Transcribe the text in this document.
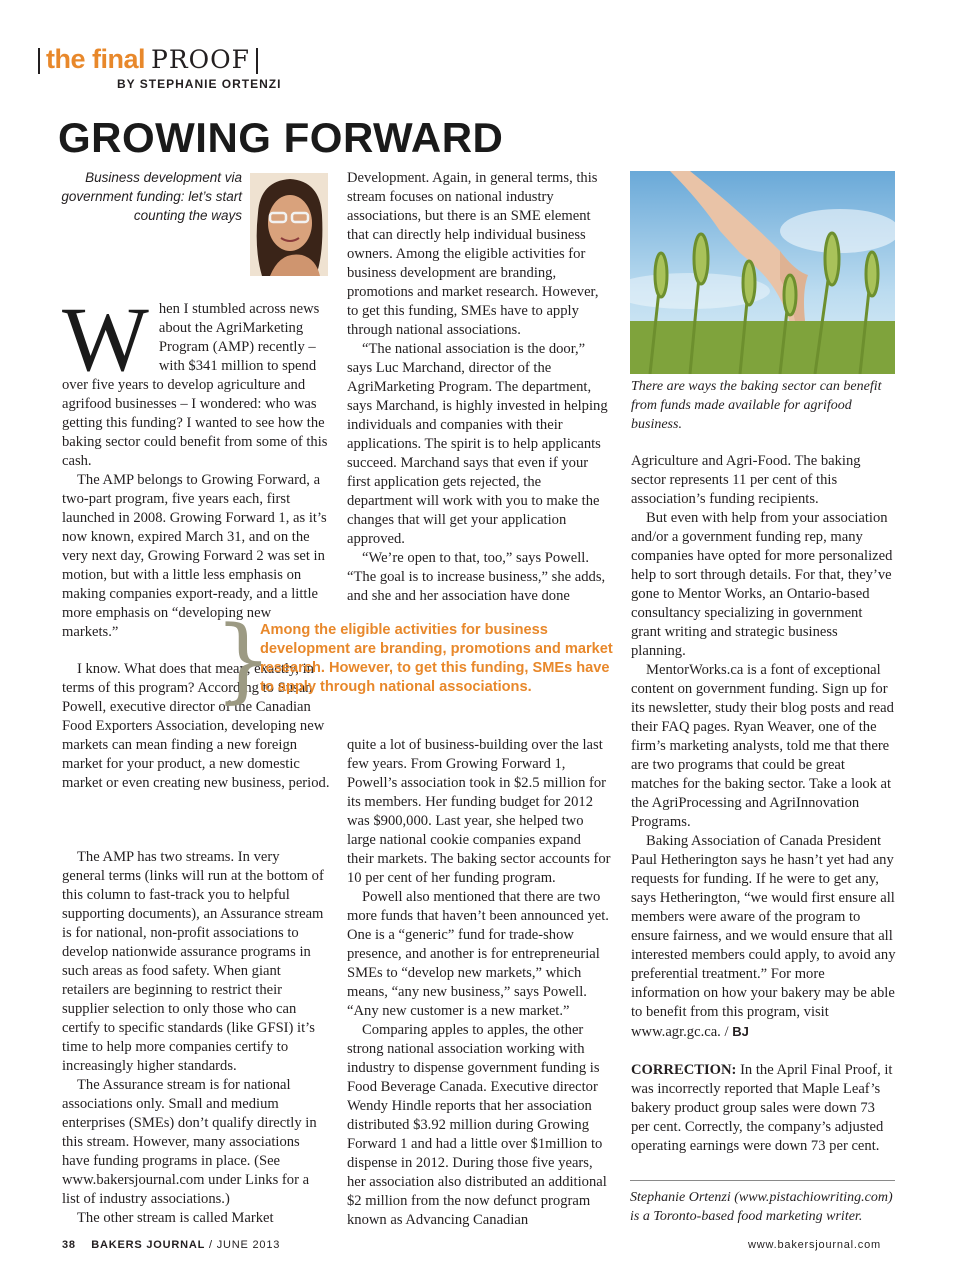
the final PROOF
BY STEPHANIE ORTENZI
GROWING FORWARD
Business development via government funding: let’s start counting the ways
W hen I stumbled across news about the AgriMarketing Program (AMP) recently – with $341 million to spend over five years to develop agriculture and agrifood businesses – I wondered: who was getting this funding? I wanted to see how the baking sector could benefit from some of this cash.

The AMP belongs to Growing Forward, a two-part program, five years each, first launched in 2008. Growing Forward 1, as it’s now known, expired March 31, and on the very next day, Growing Forward 2 was set in motion, but with a little less emphasis on making companies export-ready, and a little more emphasis on “developing new markets.”

I know. What does that mean, exactly, in terms of this program? According to Susan Powell, executive director of the Canadian Food Exporters Association, developing new markets can mean finding a new foreign market for your product, a new domestic market or even creating new business, period.

The AMP has two streams. In very general terms (links will run at the bottom of this column to fast-track you to helpful supporting documents), an Assurance stream is for national, non-profit associations to develop nationwide assurance programs in such areas as food safety. When giant retailers are beginning to restrict their supplier selection to only those who can certify to specific standards (like GFSI) it’s time to help more companies certify to increasingly higher standards.

The Assurance stream is for national associations only. Small and medium enterprises (SMEs) don’t qualify directly in this stream. However, many associations have funding programs in place. (See www.bakersjournal.com under Links for a list of industry associations.)

The other stream is called Market

Development. Again, in general terms, this stream focuses on national industry associations, but there is an SME element that can directly help individual business owners. Among the eligible activities for business development are branding, promotions and market research. However, to get this funding, SMEs have to apply through national associations.

“The national association is the door,” says Luc Marchand, director of the AgriMarketing Program. The department, says Marchand, is highly invested in helping individuals and companies with their applications. The spirit is to help applicants succeed. Marchand says that even if your first application gets rejected, the department will work with you to make the changes that will get your application approved.

“We’re open to that, too,” says Powell. “The goal is to increase business,” she adds, and she and her association have done

quite a lot of business-building over the last few years. From Growing Forward 1, Powell’s association took in $2.5 million for its members. Her funding budget for 2012 was $900,000. Last year, she helped two large national cookie companies expand their markets. The baking sector accounts for 10 per cent of her funding program.

Powell also mentioned that there are two more funds that haven’t been announced yet. One is a “generic” fund for trade-show presence, and another is for entrepreneurial SMEs to “develop new markets,” which means, “any new business,” says Powell. “Any new customer is a new market.”

Comparing apples to apples, the other strong national association working with industry to dispense government funding is Food Beverage Canada. Executive director Wendy Hindle reports that her association distributed $3.92 million during Growing Forward 1 and had a little over $1million to dispense in 2012. During those five years, her association also distributed an additional $2 million from the now defunct program known as Advancing Canadian

}
Among the eligible activities for business development are branding, promotions and market research. However, to get this funding, SMEs have to apply through national associations.
There are ways the baking sector can benefit from funds made available for agrifood business.

Agriculture and Agri-Food. The baking sector represents 11 per cent of this association’s funding recipients.

But even with help from your association and/or a government funding rep, many companies have opted for more personalized help to sort through details. For that, they’ve gone to Mentor Works, an Ontario-based consultancy specializing in government grant writing and strategic business planning.

MentorWorks.ca is a font of exceptional content on government funding. Sign up for its newsletter, study their blog posts and read their FAQ pages. Ryan Weaver, one of the firm’s marketing analysts, told me that there are two programs that could be great matches for the baking sector. Take a look at the AgriProcessing and AgriInnovation Programs.

Baking Association of Canada President Paul Hetherington says he hasn’t yet had any requests for funding. If he were to get any, says Hetherington, “we would first ensure all members were aware of the program to ensure fairness, and we would ensure that all interested members could apply, to avoid any preferential treatment.” For more information on how your bakery may be able to benefit from this program, visit www.agr.gc.ca. / BJ

CORRECTION: In the April Final Proof, it was incorrectly reported that Maple Leaf’s bakery product group sales were down 73 per cent. Correctly, the company’s adjusted operating earnings were down 73 per cent.

Stephanie Ortenzi (www.pistachiowriting.com) is a Toronto-based food marketing writer.
38 BAKERS JOURNAL / JUNE 2013	www.bakersjournal.com
